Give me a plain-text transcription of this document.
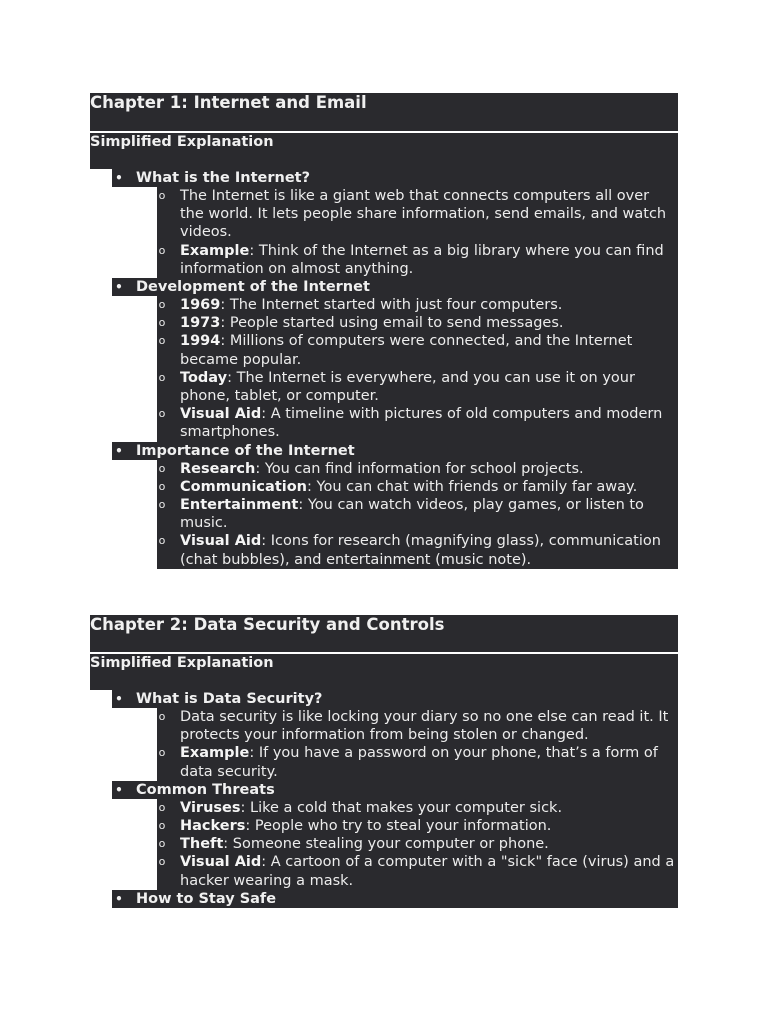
Chapter 1: Internet and Email
Simplified Explanation
• What is the Internet?
o The Internet is like a giant web that connects computers all over the world. It lets people share information, send emails, and watch videos.
o Example: Think of the Internet as a big library where you can find information on almost anything.
• Development of the Internet
o 1969: The Internet started with just four computers.
o 1973: People started using email to send messages.
o 1994: Millions of computers were connected, and the Internet became popular.
o Today: The Internet is everywhere, and you can use it on your phone, tablet, or computer.
o Visual Aid: A timeline with pictures of old computers and modern smartphones.
• Importance of the Internet
o Research: You can find information for school projects.
o Communication: You can chat with friends or family far away.
o Entertainment: You can watch videos, play games, or listen to music.
o Visual Aid: Icons for research (magnifying glass), communication (chat bubbles), and entertainment (music note).
Chapter 2: Data Security and Controls
Simplified Explanation
• What is Data Security?
o Data security is like locking your diary so no one else can read it. It protects your information from being stolen or changed.
o Example: If you have a password on your phone, that’s a form of data security.
• Common Threats
o Viruses: Like a cold that makes your computer sick.
o Hackers: People who try to steal your information.
o Theft: Someone stealing your computer or phone.
o Visual Aid: A cartoon of a computer with a "sick" face (virus) and a hacker wearing a mask.
• How to Stay Safe
